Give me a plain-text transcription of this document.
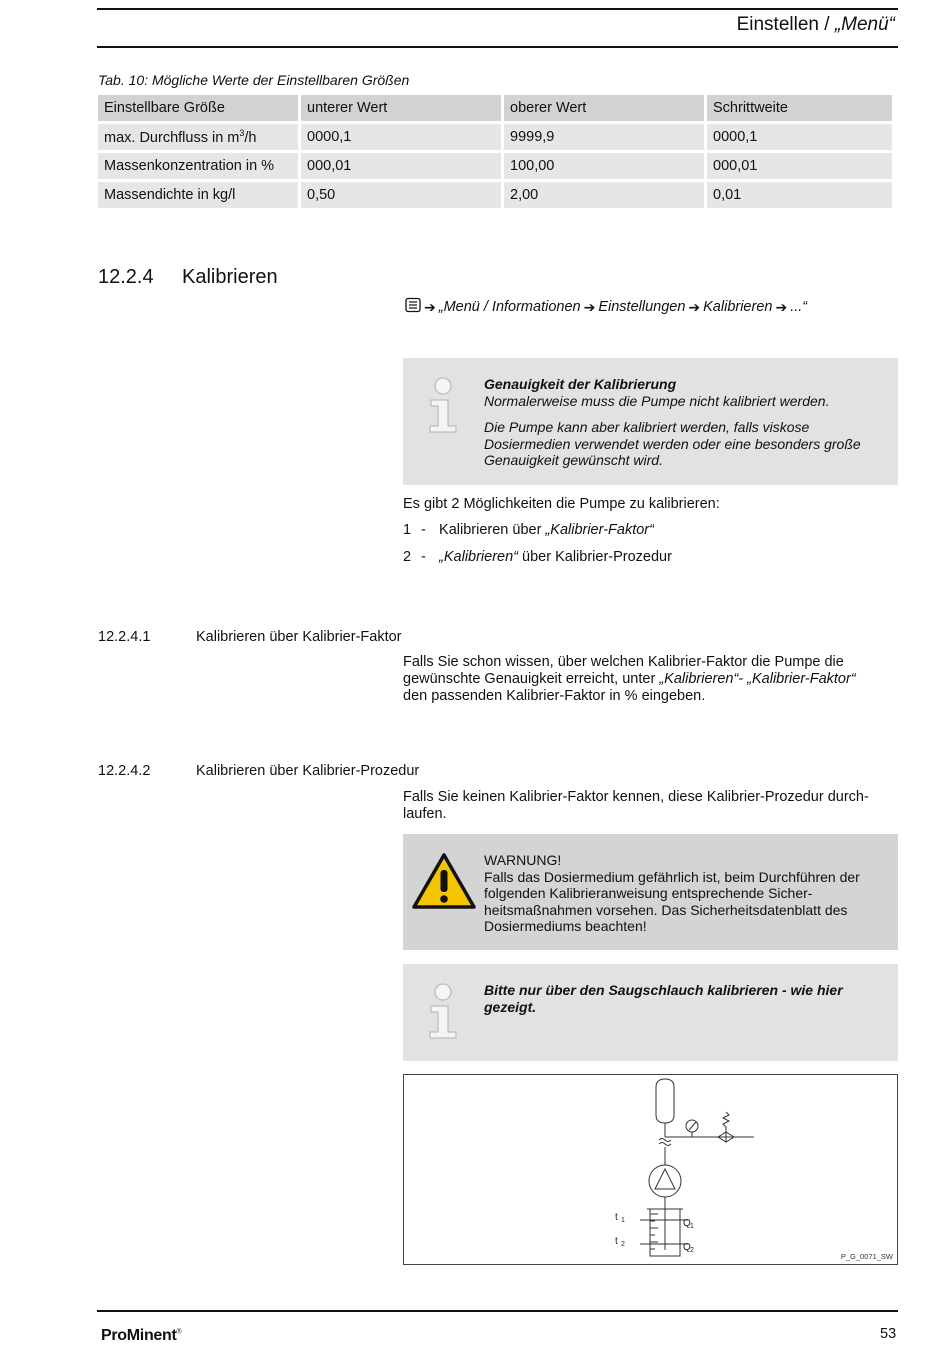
Einstellen / „Menü“
Tab. 10: Mögliche Werte der Einstellbaren Größen
Einstellbare Größe	unterer Wert	oberer Wert	Schrittweite
max. Durchfluss in $m^3/h$	0000,1	9999,9	0000,1
Massenkonzentration in %	000,01	100,00	000,01
Massendichte in kg/l	0,50	2,00	0,01
12.2.4 Kalibrieren
➔ „Menü / Informationen ➔ Einstellungen ➔ Kalibrieren ➔ ...“
Genauigkeit der Kalibrierung
Normalerweise muss die Pumpe nicht kalibriert werden.
Die Pumpe kann aber kalibriert werden, falls viskose Dosiermedien verwendet werden oder eine besonders große Genauigkeit gewünscht wird.
Es gibt 2 Möglichkeiten die Pumpe zu kalibrieren:
1 - Kalibrieren über „Kalibrier-Faktor“
2 - „Kalibrieren“ über Kalibrier-Prozedur
12.2.4.1	Kalibrieren über Kalibrier-Faktor
Falls Sie schon wissen, über welchen Kalibrier-Faktor die Pumpe die gewünschte Genauigkeit erreicht, unter „Kalibrieren“- „Kalibrier-Faktor“ den passenden Kalibrier-Faktor in % eingeben.
12.2.4.2	Kalibrieren über Kalibrier-Prozedur
Falls Sie keinen Kalibrier-Faktor kennen, diese Kalibrier-Prozedur durch-laufen.
WARNUNG!
Falls das Dosiermedium gefährlich ist, beim Durchführen der folgenden Kalibrieranweisung entsprechende Sicher-heitsmaßnahmen vorsehen. Das Sicherheitsdatenblatt des Dosiermediums beachten!
Bitte nur über den Saugschlauch kalibrieren - wie hier gezeigt.
t 1
t 2
Q 1
Q 2
P_G_0071_SW
ProMinent®	53
